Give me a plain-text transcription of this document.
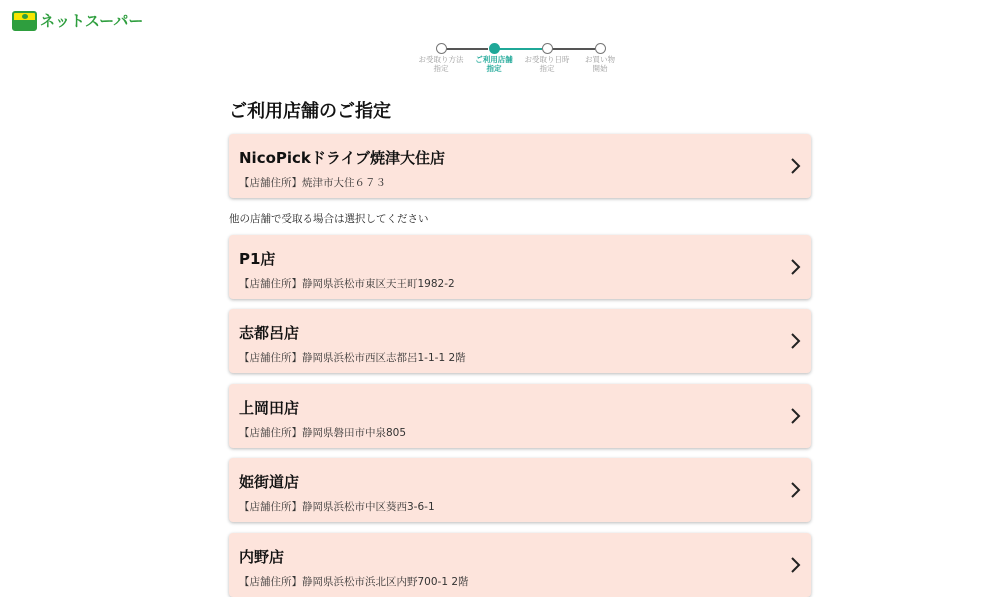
ネットスーパー
お受取り方法
指定
ご利用店舗
指定
お受取り日時
指定
お買い物
開始
ご利用店舗のご指定
NicoPickドライブ焼津大住店
【店舗住所】焼津市大住６７３
他の店舗で受取る場合は選択してください
P1店
【店舗住所】静岡県浜松市東区天王町1982-2
志都呂店
【店舗住所】静岡県浜松市西区志都呂1-1-1 2階
上岡田店
【店舗住所】静岡県磐田市中泉805
姫街道店
【店舗住所】静岡県浜松市中区葵西3-6-1
内野店
【店舗住所】静岡県浜松市浜北区内野700-1 2階
